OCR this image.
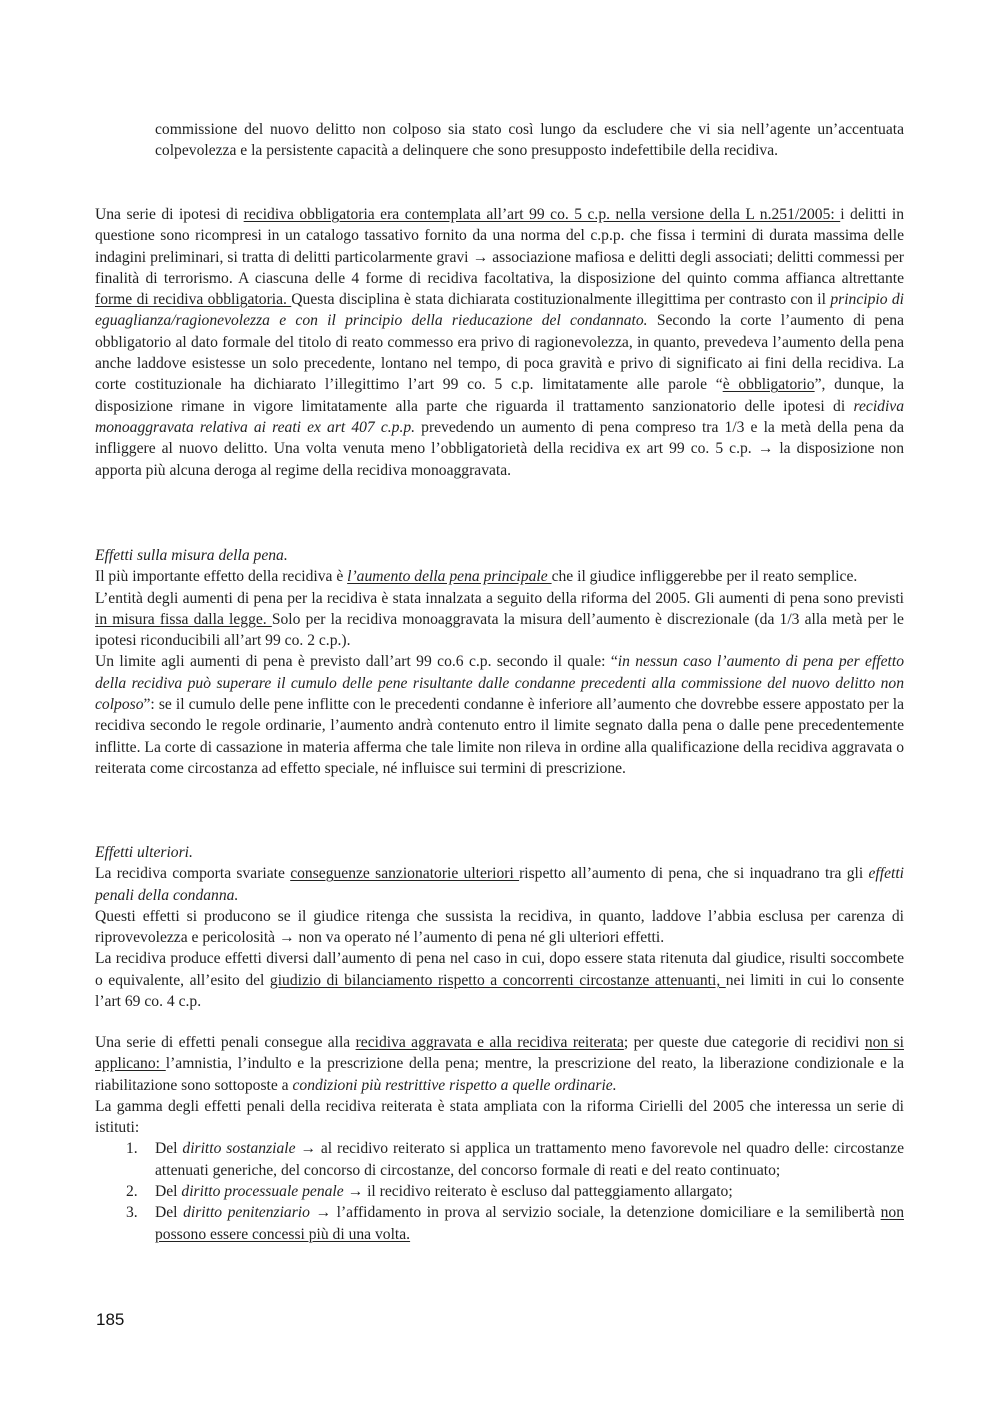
commissione del nuovo delitto non colposo sia stato così lungo da escludere che vi sia nell’agente un’accentuata colpevolezza e la persistente capacità a delinquere che sono presupposto indefettibile della recidiva.

Una serie di ipotesi di recidiva obbligatoria era contemplata all’art 99 co. 5 c.p. nella versione della L n.251/2005: i delitti in questione sono ricompresi in un catalogo tassativo fornito da una norma del c.p.p. che fissa i termini di durata massima delle indagini preliminari, si tratta di delitti particolarmente gravi → associazione mafiosa e delitti degli associati; delitti commessi per finalità di terrorismo. A ciascuna delle 4 forme di recidiva facoltativa, la disposizione del quinto comma affianca altrettante forme di recidiva obbligatoria. Questa disciplina è stata dichiarata costituzionalmente illegittima per contrasto con il principio di eguaglianza/ragionevolezza e con il principio della rieducazione del condannato. Secondo la corte l’aumento di pena obbligatorio al dato formale del titolo di reato commesso era privo di ragionevolezza, in quanto, prevedeva l’aumento della pena anche laddove esistesse un solo precedente, lontano nel tempo, di poca gravità e privo di significato ai fini della recidiva. La corte costituzionale ha dichiarato l’illegittimo l’art 99 co. 5 c.p. limitatamente alle parole “è obbligatorio”, dunque, la disposizione rimane in vigore limitatamente alla parte che riguarda il trattamento sanzionatorio delle ipotesi di recidiva monoaggravata relativa ai reati ex art 407 c.p.p. prevedendo un aumento di pena compreso tra 1/3 e la metà della pena da infliggere al nuovo delitto. Una volta venuta meno l’obbligatorietà della recidiva ex art 99 co. 5 c.p. → la disposizione non apporta più alcuna deroga al regime della recidiva monoaggravata.

Effetti sulla misura della pena.

Il più importante effetto della recidiva è l’aumento della pena principale che il giudice infliggerebbe per il reato semplice.

L’entità degli aumenti di pena per la recidiva è stata innalzata a seguito della riforma del 2005. Gli aumenti di pena sono previsti in misura fissa dalla legge. Solo per la recidiva monoaggravata la misura dell’aumento è discrezionale (da 1/3 alla metà per le ipotesi riconducibili all’art 99 co. 2 c.p.).

Un limite agli aumenti di pena è previsto dall’art 99 co.6 c.p. secondo il quale: “in nessun caso l’aumento di pena per effetto della recidiva può superare il cumulo delle pene risultante dalle condanne precedenti alla commissione del nuovo delitto non colposo”: se il cumulo delle pene inflitte con le precedenti condanne è inferiore all’aumento che dovrebbe essere appostato per la recidiva secondo le regole ordinarie, l’aumento andrà contenuto entro il limite segnato dalla pena o dalle pene precedentemente inflitte. La corte di cassazione in materia afferma che tale limite non rileva in ordine alla qualificazione della recidiva aggravata o reiterata come circostanza ad effetto speciale, né influisce sui termini di prescrizione.

Effetti ulteriori.

La recidiva comporta svariate conseguenze sanzionatorie ulteriori rispetto all’aumento di pena, che si inquadrano tra gli effetti penali della condanna.

Questi effetti si producono se il giudice ritenga che sussista la recidiva, in quanto, laddove l’abbia esclusa per carenza di riprovevolezza e pericolosità → non va operato né l’aumento di pena né gli ulteriori effetti.

La recidiva produce effetti diversi dall’aumento di pena nel caso in cui, dopo essere stata ritenuta dal giudice, risulti soccombete o equivalente, all’esito del giudizio di bilanciamento rispetto a concorrenti circostanze attenuanti, nei limiti in cui lo consente l’art 69 co. 4 c.p.

Una serie di effetti penali consegue alla recidiva aggravata e alla recidiva reiterata; per queste due categorie di recidivi non si applicano: l’amnistia, l’indulto e la prescrizione della pena; mentre, la prescrizione del reato, la liberazione condizionale e la riabilitazione sono sottoposte a condizioni più restrittive rispetto a quelle ordinarie.

La gamma degli effetti penali della recidiva reiterata è stata ampliata con la riforma Cirielli del 2005 che interessa un serie di istituti:

1. Del diritto sostanziale → al recidivo reiterato si applica un trattamento meno favorevole nel quadro delle: circostanze attenuati generiche, del concorso di circostanze, del concorso formale di reati e del reato continuato;
2. Del diritto processuale penale → il recidivo reiterato è escluso dal patteggiamento allargato;
3. Del diritto penitenziario → l’affidamento in prova al servizio sociale, la detenzione domiciliare e la semilibertà non possono essere concessi più di una volta.
185
